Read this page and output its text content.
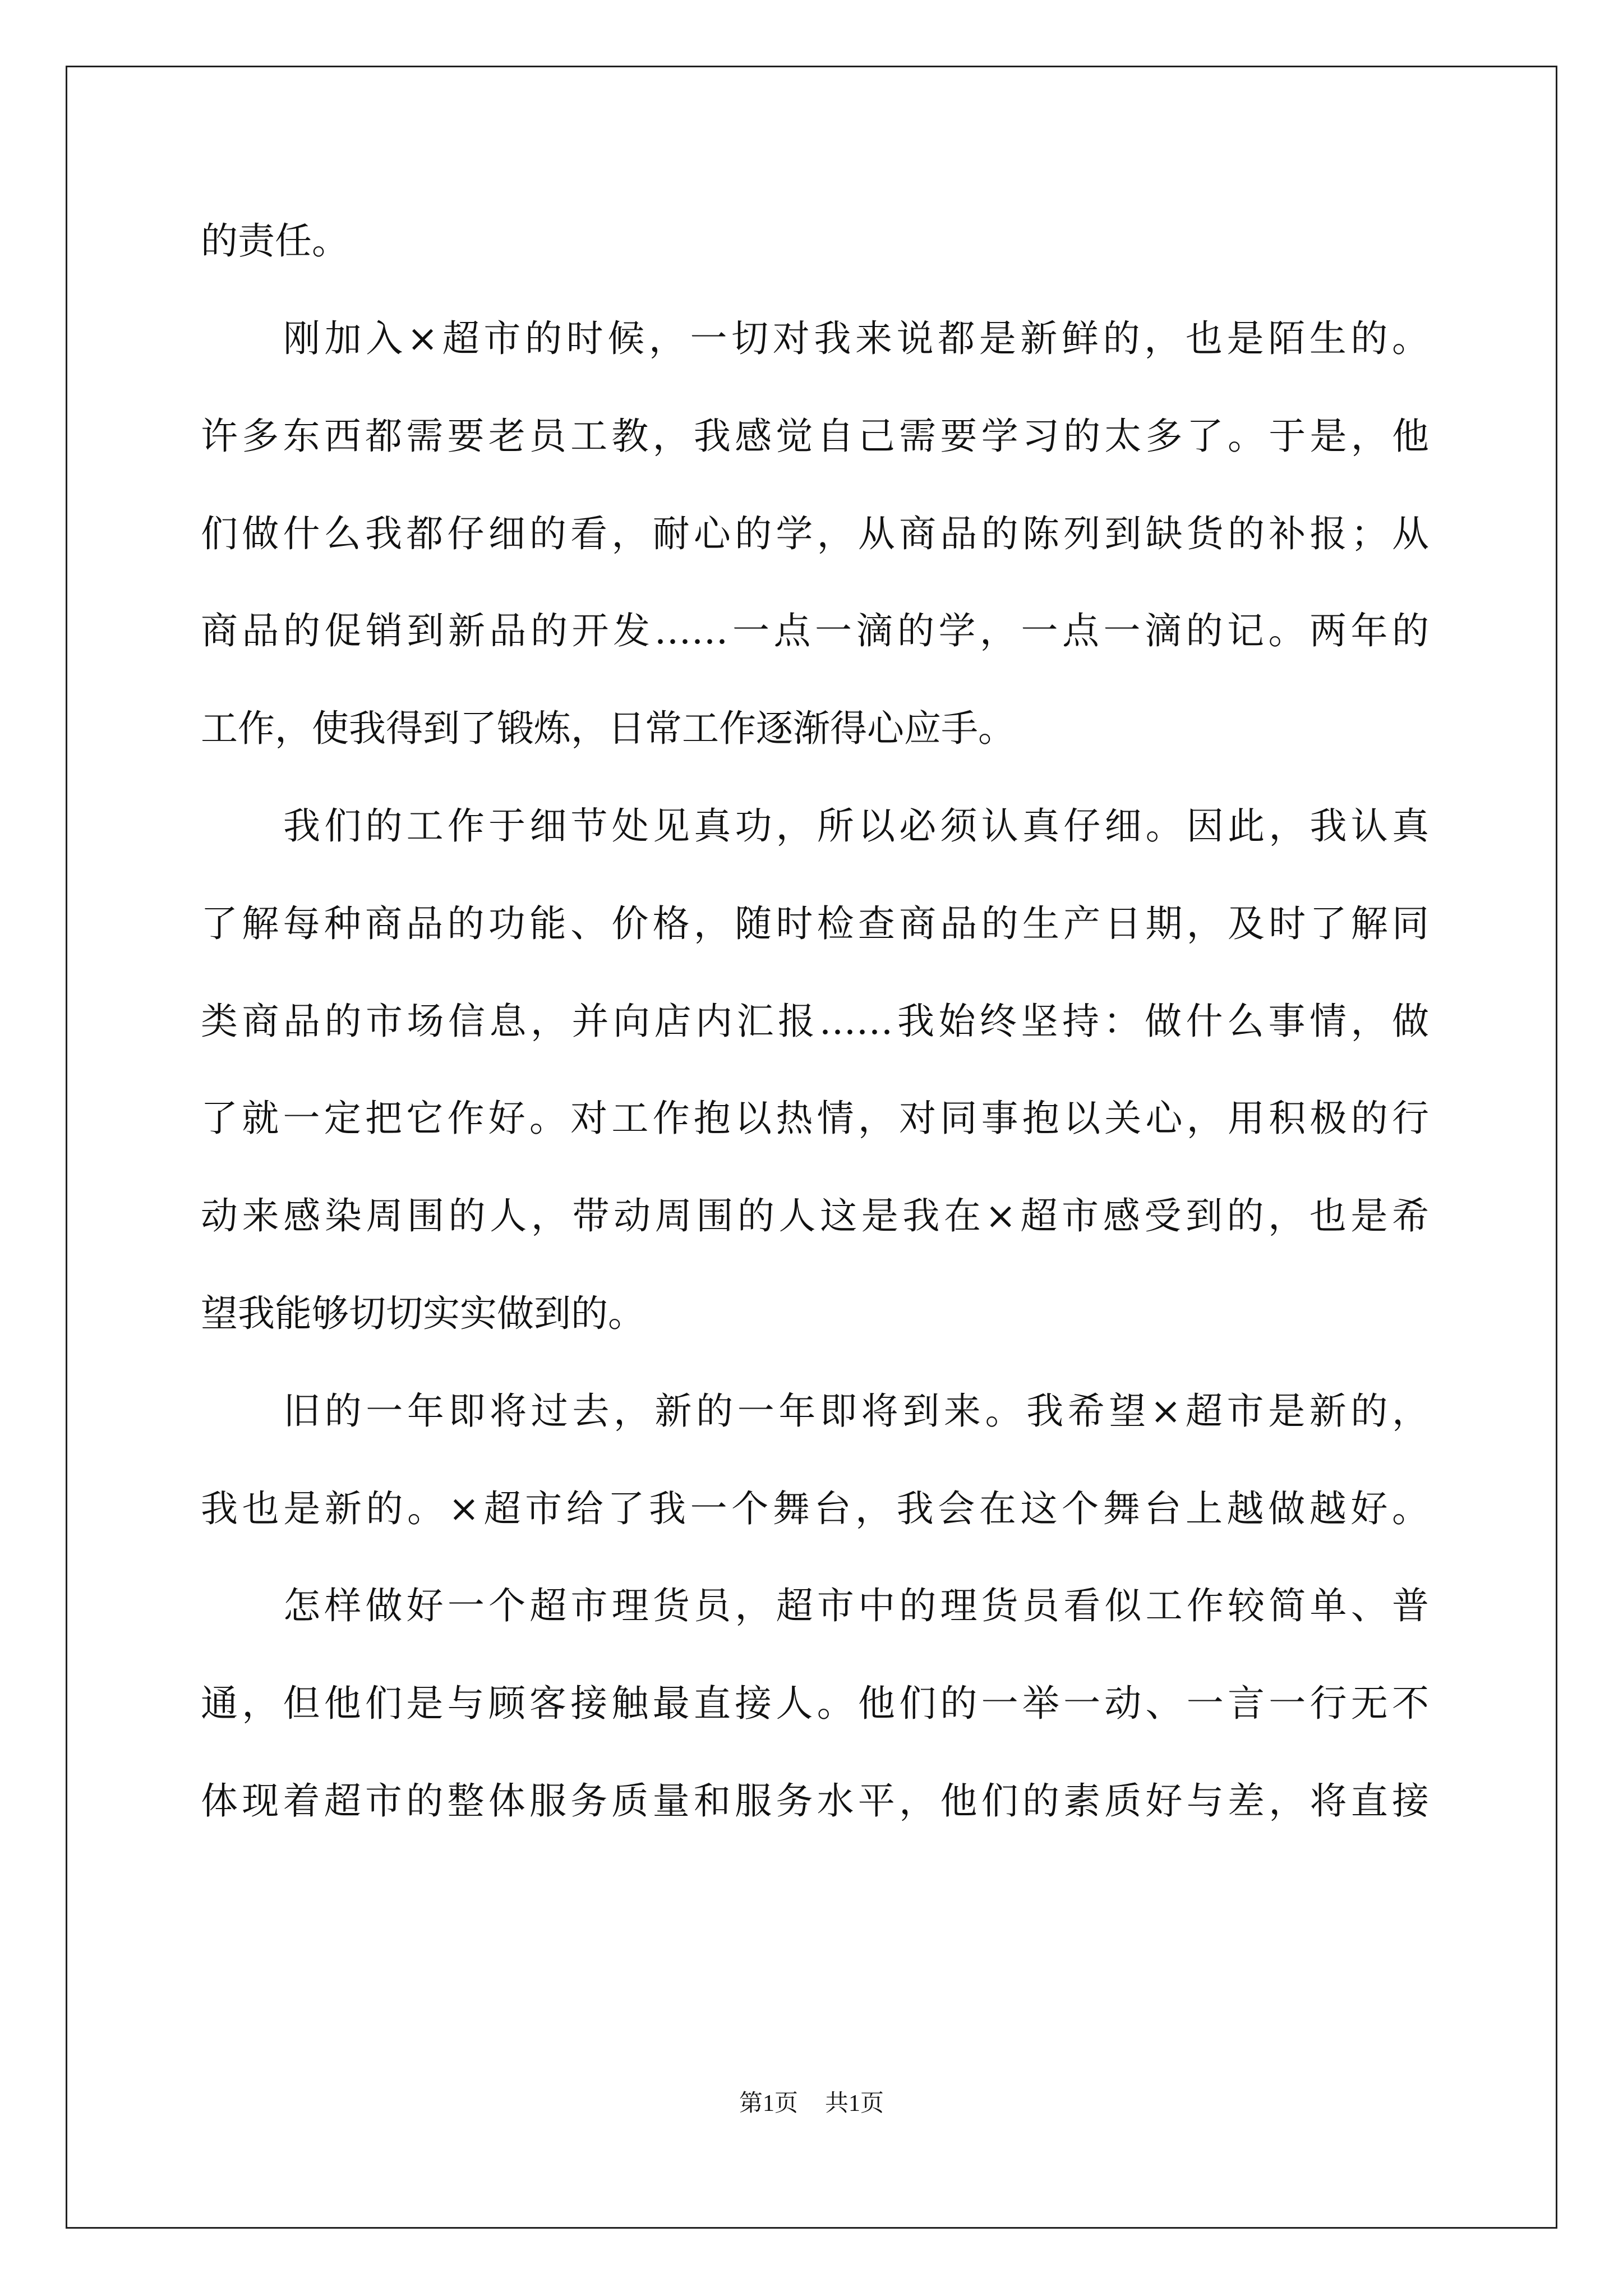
的责任。
刚加入×超市的时候，一切对我来说都是新鲜的，也是陌生的。
许多东西都需要老员工教，我感觉自己需要学习的太多了。于是，他
们做什么我都仔细的看，耐心的学，从商品的陈列到缺货的补报；从
商品的促销到新品的开发……一点一滴的学，一点一滴的记。两年的
工作，使我得到了锻炼，日常工作逐渐得心应手。
我们的工作于细节处见真功，所以必须认真仔细。因此，我认真
了解每种商品的功能、价格，随时检查商品的生产日期，及时了解同
类商品的市场信息，并向店内汇报……我始终坚持：做什么事情，做
了就一定把它作好。对工作抱以热情，对同事抱以关心，用积极的行
动来感染周围的人，带动周围的人这是我在×超市感受到的，也是希
望我能够切切实实做到的。
旧的一年即将过去，新的一年即将到来。我希望×超市是新的，
我也是新的。×超市给了我一个舞台，我会在这个舞台上越做越好。
怎样做好一个超市理货员，超市中的理货员看似工作较简单、普
通，但他们是与顾客接触最直接人。他们的一举一动、一言一行无不
体现着超市的整体服务质量和服务水平，他们的素质好与差，将直接
第1页 共1页
